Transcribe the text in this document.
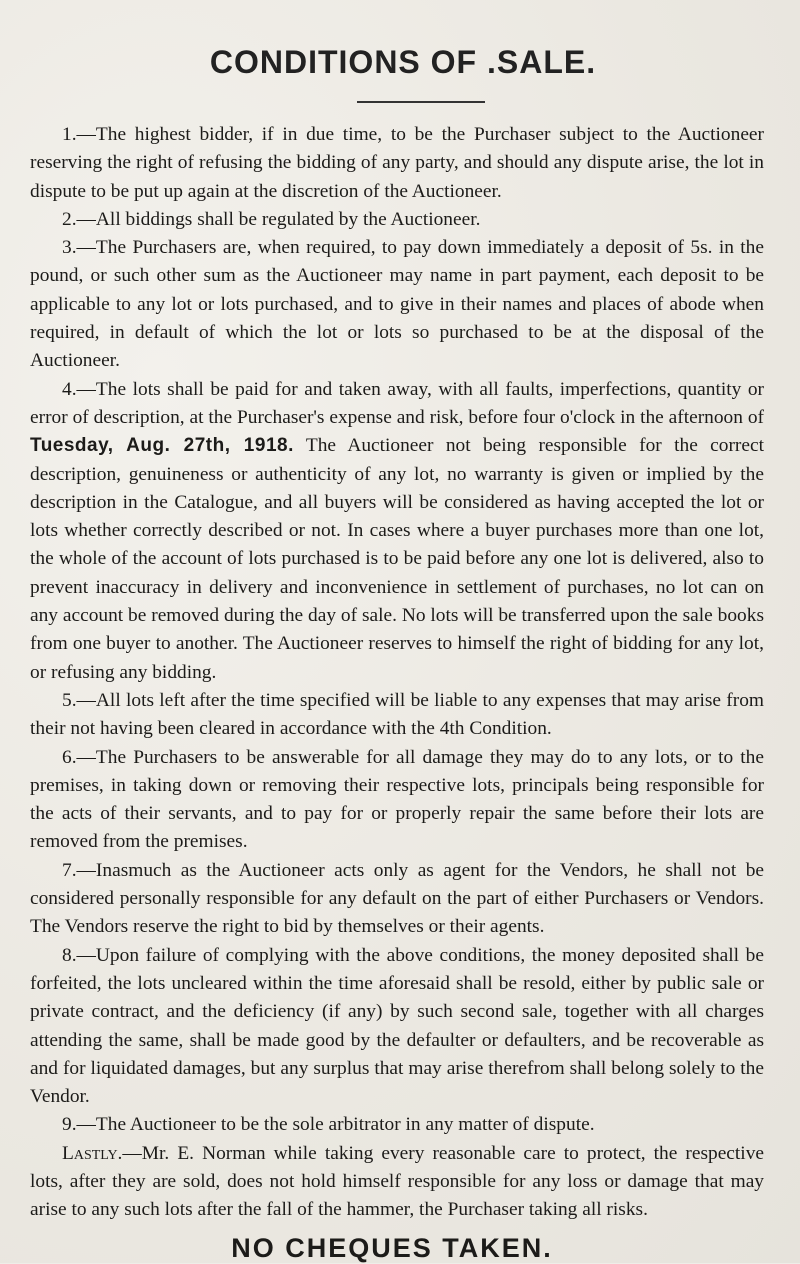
CONDITIONS OF .SALE.

1.—The highest bidder, if in due time, to be the Purchaser subject to the Auctioneer reserving the right of refusing the bidding of any party, and should any dispute arise, the lot in dispute to be put up again at the discretion of the Auctioneer.

2.—All biddings shall be regulated by the Auctioneer.

3.—The Purchasers are, when required, to pay down immediately a deposit of 5s. in the pound, or such other sum as the Auctioneer may name in part payment, each deposit to be applicable to any lot or lots purchased, and to give in their names and places of abode when required, in default of which the lot or lots so purchased to be at the disposal of the Auctioneer.

4.—The lots shall be paid for and taken away, with all faults, imperfections, quantity or error of description, at the Purchaser's expense and risk, before four o'clock in the afternoon of Tuesday, Aug. 27th, 1918. The Auctioneer not being responsible for the correct description, genuineness or authenticity of any lot, no warranty is given or implied by the description in the Catalogue, and all buyers will be considered as having accepted the lot or lots whether correctly described or not. In cases where a buyer purchases more than one lot, the whole of the account of lots purchased is to be paid before any one lot is delivered, also to prevent inaccuracy in delivery and inconvenience in settlement of purchases, no lot can on any account be removed during the day of sale. No lots will be transferred upon the sale books from one buyer to another. The Auctioneer reserves to himself the right of bidding for any lot, or refusing any bidding.

5.—All lots left after the time specified will be liable to any expenses that may arise from their not having been cleared in accordance with the 4th Condition.

6.—The Purchasers to be answerable for all damage they may do to any lots, or to the premises, in taking down or removing their respective lots, principals being responsible for the acts of their servants, and to pay for or properly repair the same before their lots are removed from the premises.

7.—Inasmuch as the Auctioneer acts only as agent for the Vendors, he shall not be considered personally responsible for any default on the part of either Purchasers or Vendors. The Vendors reserve the right to bid by themselves or their agents.

8.—Upon failure of complying with the above conditions, the money deposited shall be forfeited, the lots uncleared within the time aforesaid shall be resold, either by public sale or private contract, and the deficiency (if any) by such second sale, together with all charges attending the same, shall be made good by the defaulter or defaulters, and be recoverable as and for liquidated damages, but any surplus that may arise therefrom shall belong solely to the Vendor.

9.—The Auctioneer to be the sole arbitrator in any matter of dispute.

Lastly.—Mr. E. Norman while taking every reasonable care to protect, the respective lots, after they are sold, does not hold himself responsible for any loss or damage that may arise to any such lots after the fall of the hammer, the Purchaser taking all risks.

NO CHEQUES TAKEN.
